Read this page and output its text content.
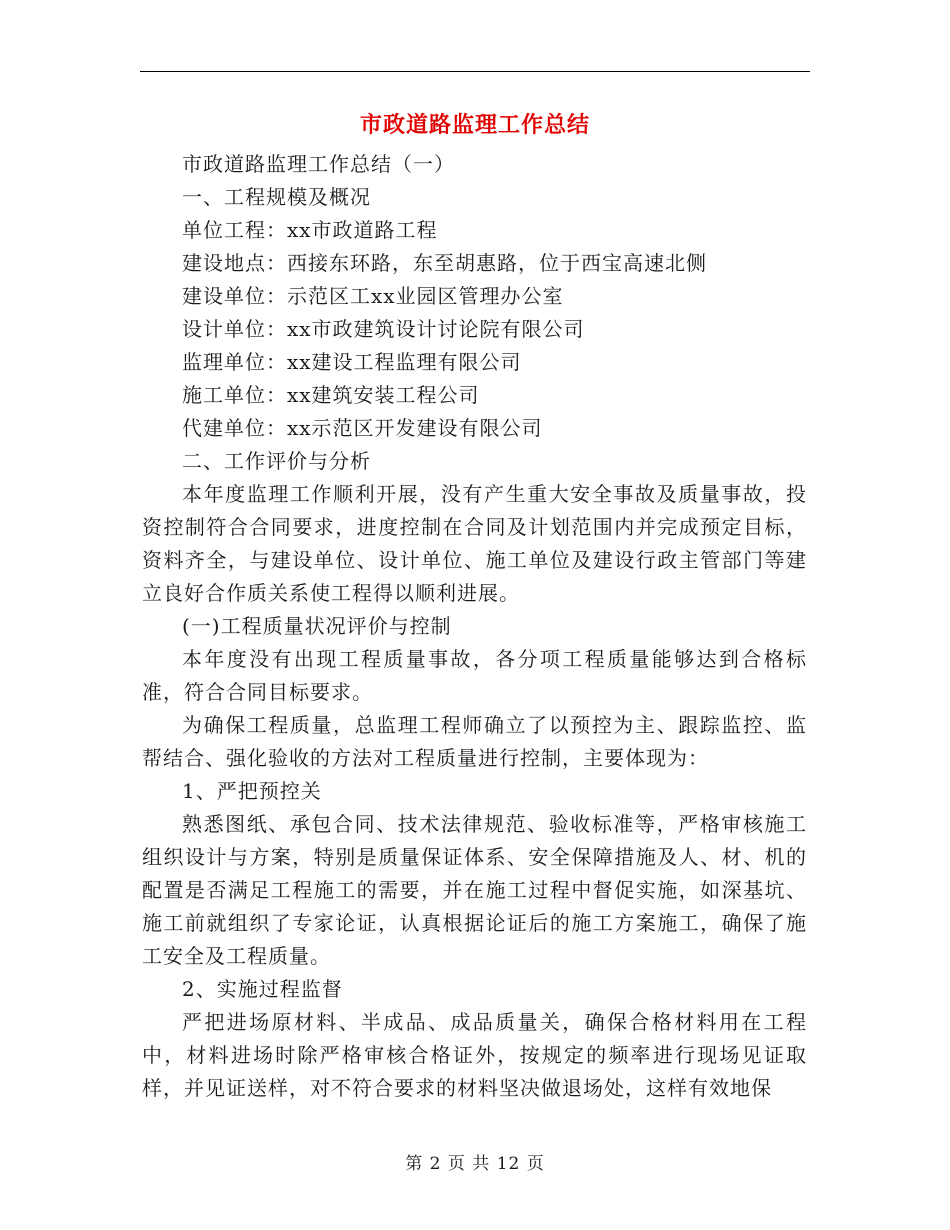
市政道路监理工作总结

市政道路监理工作总结（一）

一、工程规模及概况

单位工程：xx市政道路工程

建设地点：西接东环路，东至胡惠路，位于西宝高速北侧

建设单位：示范区工xx业园区管理办公室

设计单位：xx市政建筑设计讨论院有限公司

监理单位：xx建设工程监理有限公司

施工单位：xx建筑安装工程公司

代建单位：xx示范区开发建设有限公司

二、工作评价与分析

本年度监理工作顺利开展，没有产生重大安全事故及质量事故，投资控制符合合同要求，进度控制在合同及计划范围内并完成预定目标，资料齐全，与建设单位、设计单位、施工单位及建设行政主管部门等建立良好合作质关系使工程得以顺利进展。

(一)工程质量状况评价与控制

本年度没有出现工程质量事故，各分项工程质量能够达到合格标准，符合合同目标要求。

为确保工程质量，总监理工程师确立了以预控为主、跟踪监控、监帮结合、强化验收的方法对工程质量进行控制，主要体现为：

1、严把预控关

熟悉图纸、承包合同、技术法律规范、验收标准等，严格审核施工组织设计与方案，特别是质量保证体系、安全保障措施及人、材、机的配置是否满足工程施工的需要，并在施工过程中督促实施，如深基坑、施工前就组织了专家论证，认真根据论证后的施工方案施工，确保了施工安全及工程质量。

2、实施过程监督

严把进场原材料、半成品、成品质量关，确保合格材料用在工程中，材料进场时除严格审核合格证外，按规定的频率进行现场见证取样，并见证送样，对不符合要求的材料坚决做退场处，这样有效地保

第 2 页 共 12 页
